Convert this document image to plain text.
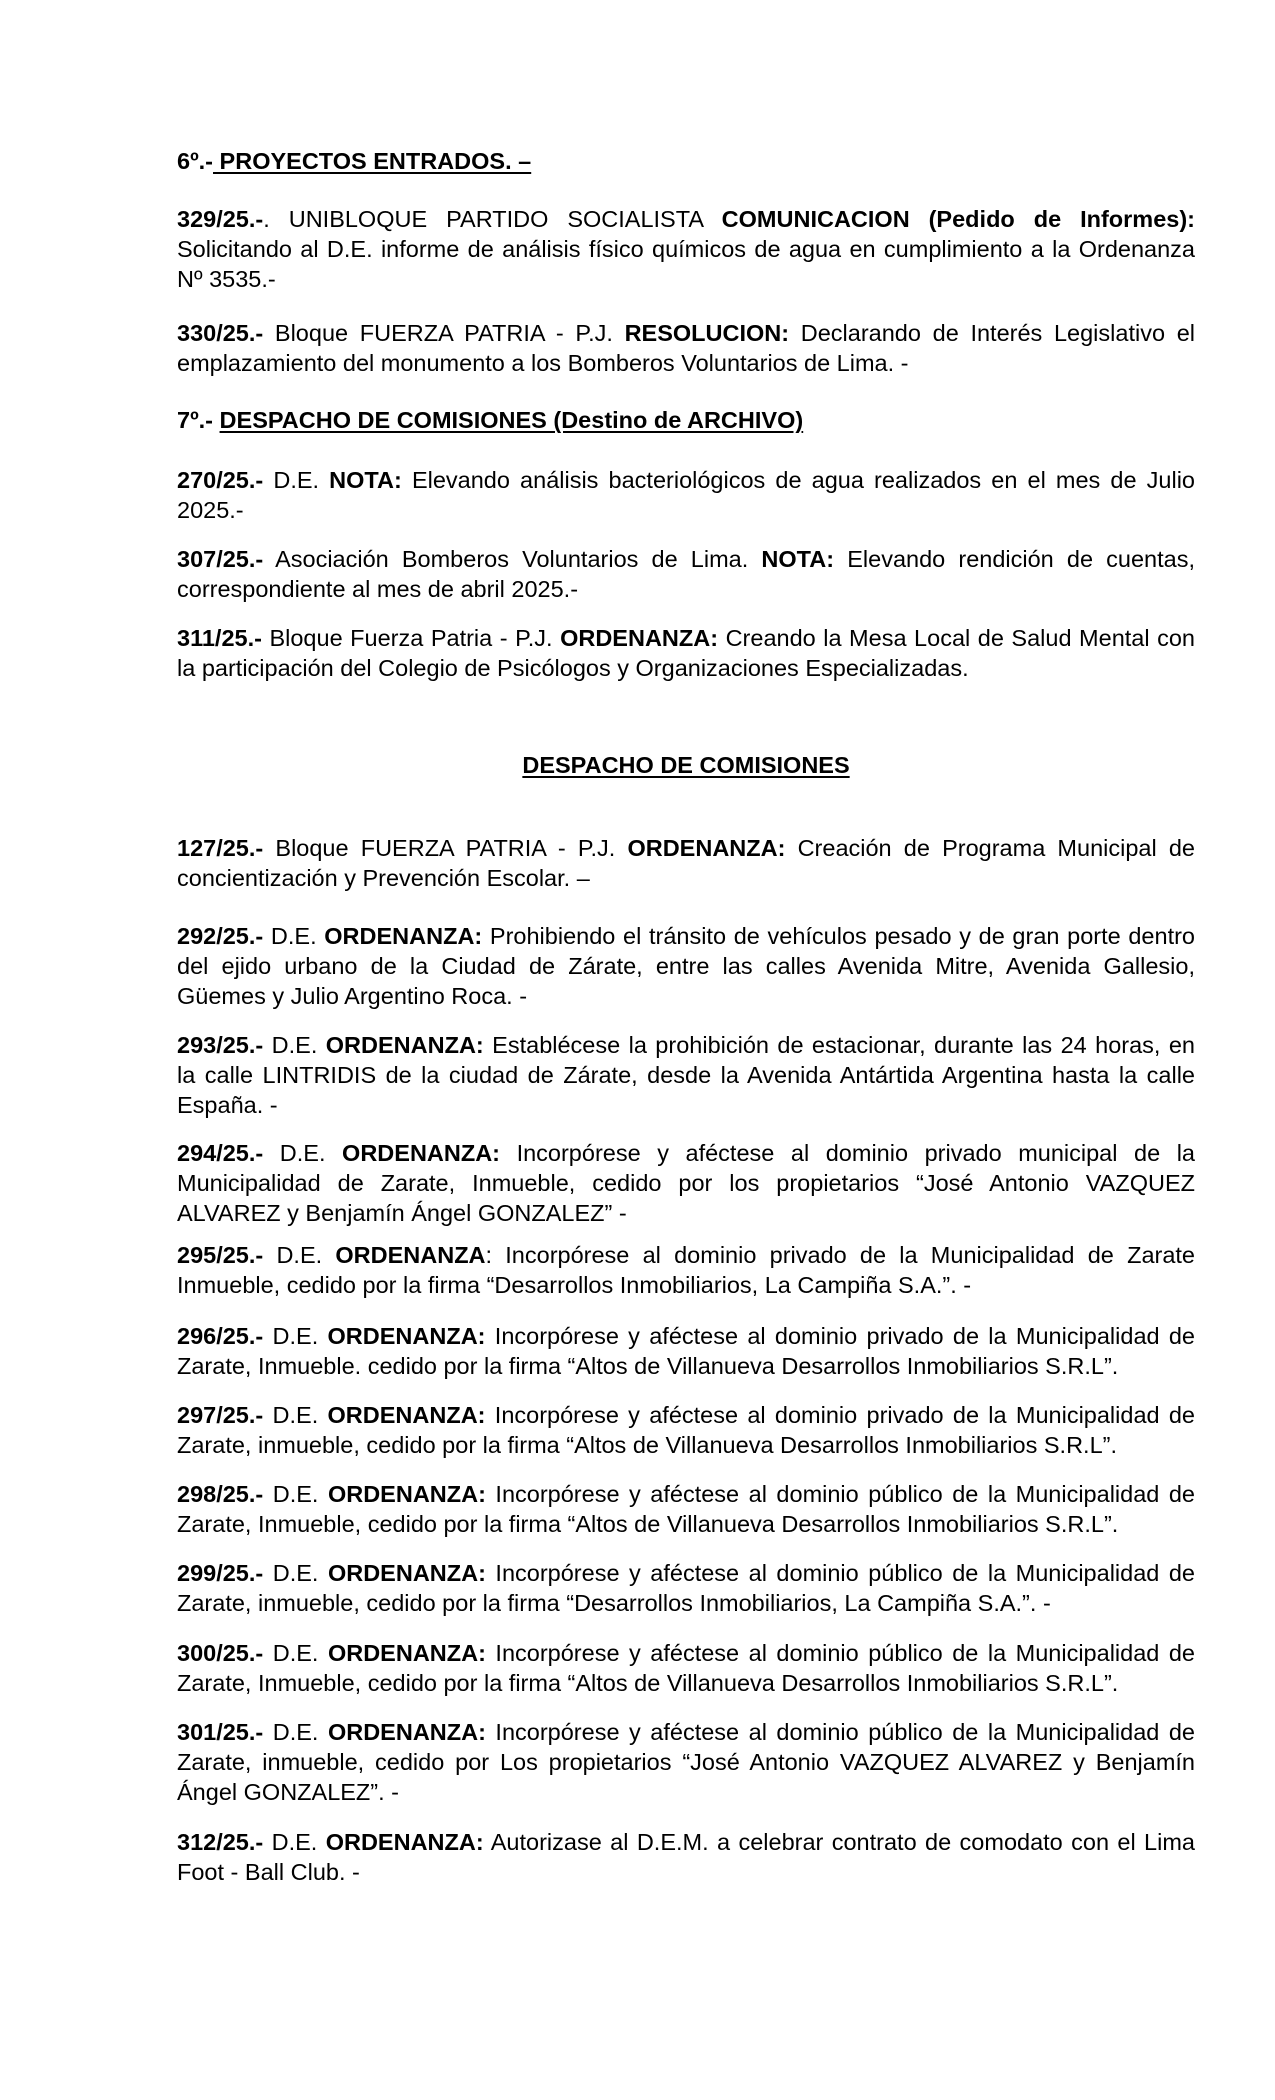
6º.- PROYECTOS ENTRADOS. –

329/25.-. UNIBLOQUE PARTIDO SOCIALISTA COMUNICACION (Pedido de Informes): Solicitando al D.E. informe de análisis físico químicos de agua en cumplimiento a la Ordenanza Nº 3535.-

330/25.- Bloque FUERZA PATRIA - P.J. RESOLUCION: Declarando de Interés Legislativo el emplazamiento del monumento a los Bomberos Voluntarios de Lima. -

7º.- DESPACHO DE COMISIONES (Destino de ARCHIVO)

270/25.- D.E. NOTA: Elevando análisis bacteriológicos de agua realizados en el mes de Julio 2025.-

307/25.- Asociación Bomberos Voluntarios de Lima. NOTA: Elevando rendición de cuentas, correspondiente al mes de abril 2025.-

311/25.- Bloque Fuerza Patria - P.J. ORDENANZA: Creando la Mesa Local de Salud Mental con la participación del Colegio de Psicólogos y Organizaciones Especializadas.

DESPACHO DE COMISIONES

127/25.- Bloque FUERZA PATRIA - P.J. ORDENANZA: Creación de Programa Municipal de concientización y Prevención Escolar. –

292/25.- D.E. ORDENANZA: Prohibiendo el tránsito de vehículos pesado y de gran porte dentro del ejido urbano de la Ciudad de Zárate, entre las calles Avenida Mitre, Avenida Gallesio, Güemes y Julio Argentino Roca. -

293/25.- D.E. ORDENANZA: Establécese la prohibición de estacionar, durante las 24 horas, en la calle LINTRIDIS de la ciudad de Zárate, desde la Avenida Antártida Argentina hasta la calle España. -

294/25.- D.E. ORDENANZA: Incorpórese y aféctese al dominio privado municipal de la Municipalidad de Zarate, Inmueble, cedido por los propietarios “José Antonio VAZQUEZ ALVAREZ y Benjamín Ángel GONZALEZ” -

295/25.- D.E. ORDENANZA: Incorpórese al dominio privado de la Municipalidad de Zarate Inmueble, cedido por la firma “Desarrollos Inmobiliarios, La Campiña S.A.”. -

296/25.- D.E. ORDENANZA: Incorpórese y aféctese al dominio privado de la Municipalidad de Zarate, Inmueble. cedido por la firma “Altos de Villanueva Desarrollos Inmobiliarios S.R.L”.

297/25.- D.E. ORDENANZA: Incorpórese y aféctese al dominio privado de la Municipalidad de Zarate, inmueble, cedido por la firma “Altos de Villanueva Desarrollos Inmobiliarios S.R.L”.

298/25.- D.E. ORDENANZA: Incorpórese y aféctese al dominio público de la Municipalidad de Zarate, Inmueble, cedido por la firma “Altos de Villanueva Desarrollos Inmobiliarios S.R.L”.

299/25.- D.E. ORDENANZA: Incorpórese y aféctese al dominio público de la Municipalidad de Zarate, inmueble, cedido por la firma “Desarrollos Inmobiliarios, La Campiña S.A.”. -

300/25.- D.E. ORDENANZA: Incorpórese y aféctese al dominio público de la Municipalidad de Zarate, Inmueble, cedido por la firma “Altos de Villanueva Desarrollos Inmobiliarios S.R.L”.

301/25.- D.E. ORDENANZA: Incorpórese y aféctese al dominio público de la Municipalidad de Zarate, inmueble, cedido por Los propietarios “José Antonio VAZQUEZ ALVAREZ y Benjamín Ángel GONZALEZ”. -

312/25.- D.E. ORDENANZA: Autorizase al D.E.M. a celebrar contrato de comodato con el Lima Foot - Ball Club. -
